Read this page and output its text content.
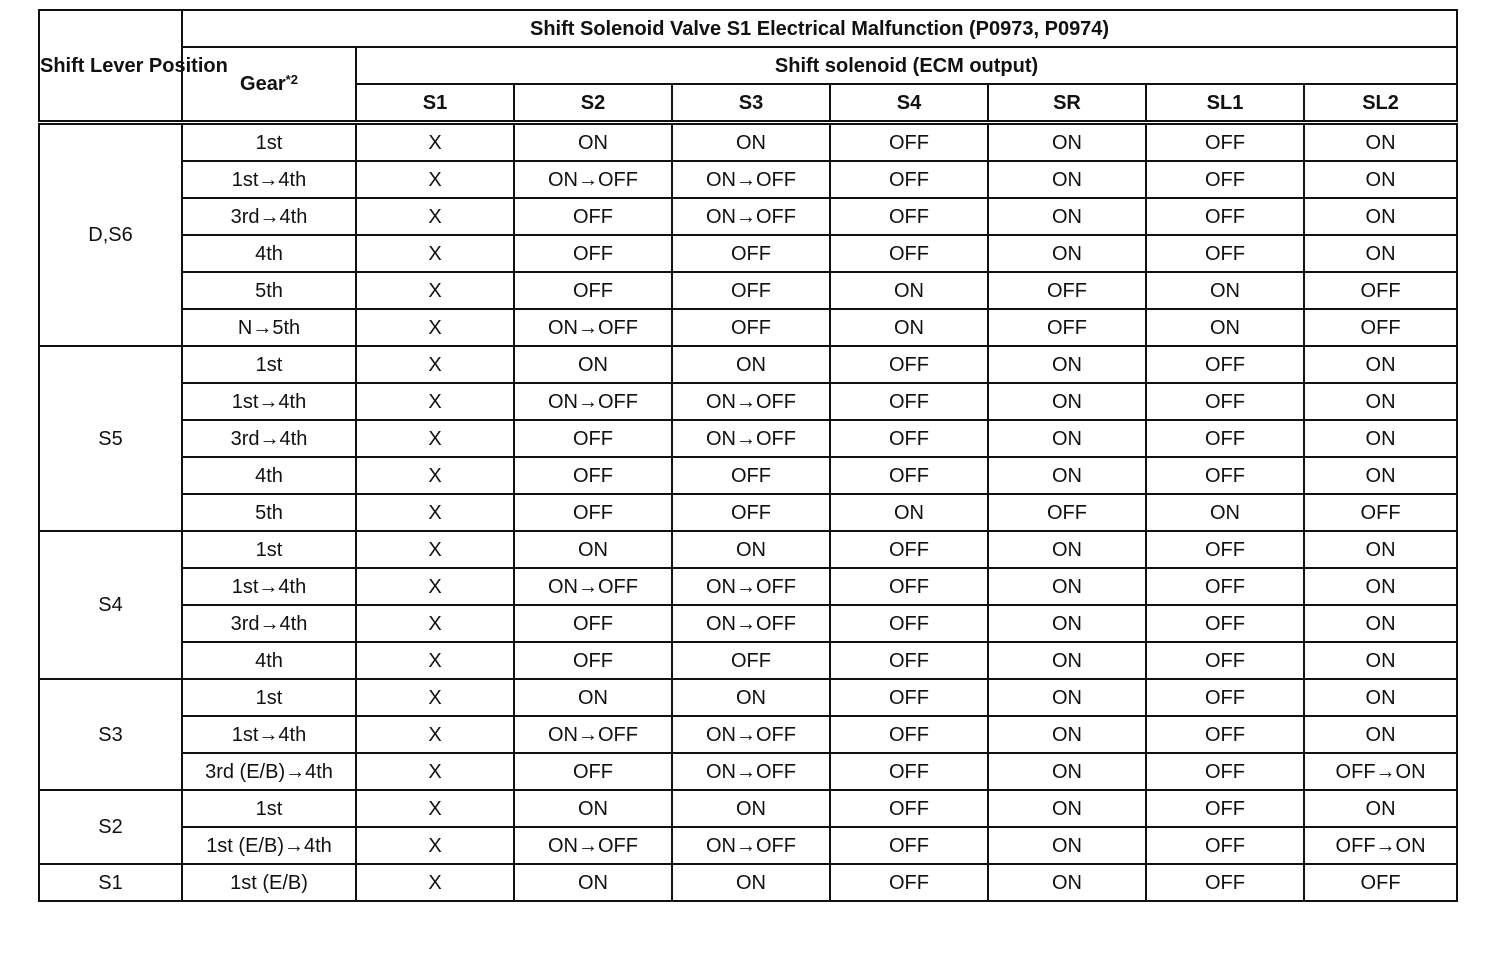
Shift Lever Position	Shift Solenoid Valve S1 Electrical Malfunction (P0973, P0974)							
	Gear$^{*2}$	Shift solenoid (ECM output)						
		S1	S2	S3	S4	SR	SL1	SL2
D,S6	1st	X	ON	ON	OFF	ON	OFF	ON
	1st→4th	X	ON→OFF	ON→OFF	OFF	ON	OFF	ON
	3rd→4th	X	OFF	ON→OFF	OFF	ON	OFF	ON
	4th	X	OFF	OFF	OFF	ON	OFF	ON
	5th	X	OFF	OFF	ON	OFF	ON	OFF
	N→5th	X	ON→OFF	OFF	ON	OFF	ON	OFF
S5	1st	X	ON	ON	OFF	ON	OFF	ON
	1st→4th	X	ON→OFF	ON→OFF	OFF	ON	OFF	ON
	3rd→4th	X	OFF	ON→OFF	OFF	ON	OFF	ON
	4th	X	OFF	OFF	OFF	ON	OFF	ON
	5th	X	OFF	OFF	ON	OFF	ON	OFF
S4	1st	X	ON	ON	OFF	ON	OFF	ON
	1st→4th	X	ON→OFF	ON→OFF	OFF	ON	OFF	ON
	3rd→4th	X	OFF	ON→OFF	OFF	ON	OFF	ON
	4th	X	OFF	OFF	OFF	ON	OFF	ON
S3	1st	X	ON	ON	OFF	ON	OFF	ON
	1st→4th	X	ON→OFF	ON→OFF	OFF	ON	OFF	ON
	3rd (E/B)→4th	X	OFF	ON→OFF	OFF	ON	OFF	OFF→ON
S2	1st	X	ON	ON	OFF	ON	OFF	ON
	1st (E/B)→4th	X	ON→OFF	ON→OFF	OFF	ON	OFF	OFF→ON
S1	1st (E/B)	X	ON	ON	OFF	ON	OFF	OFF
